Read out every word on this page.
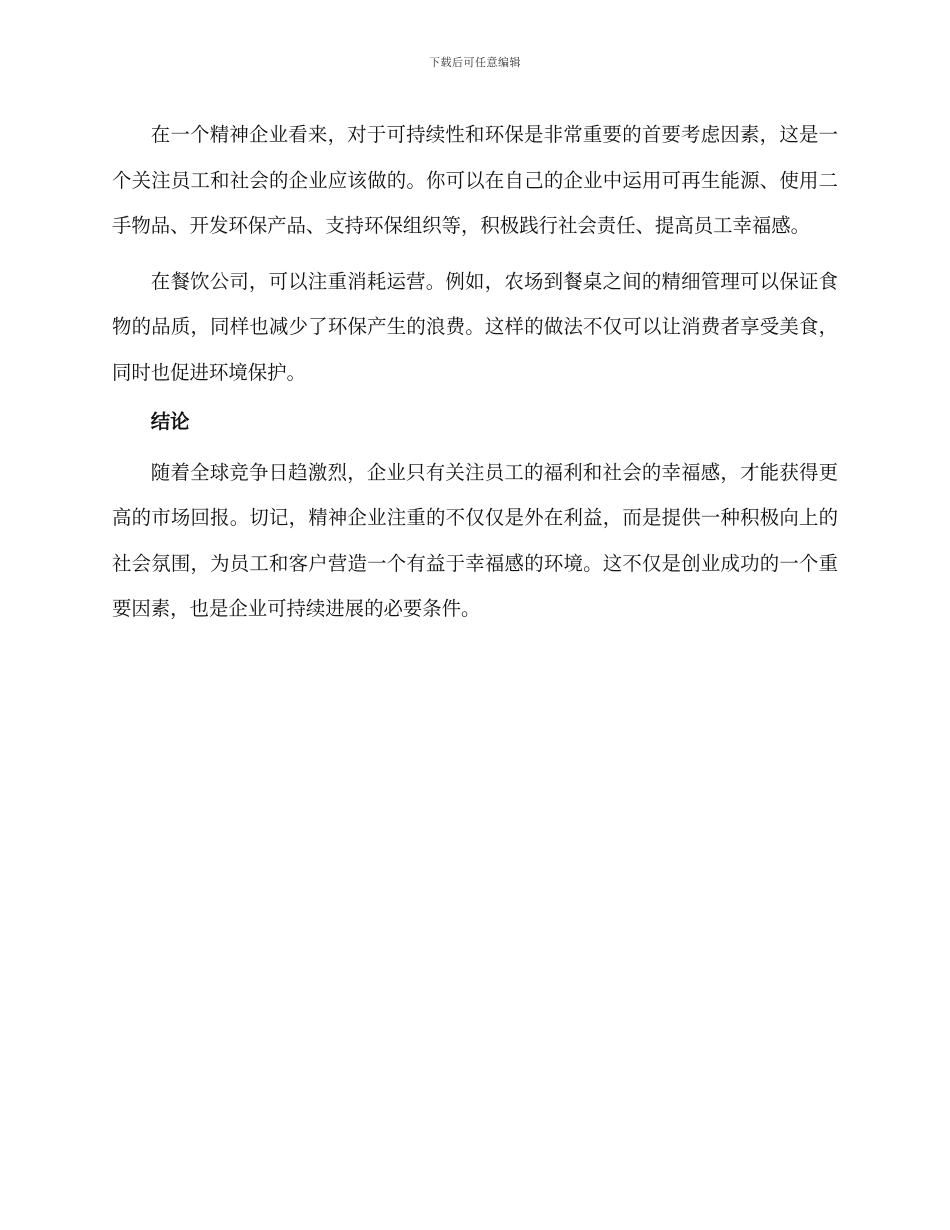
下载后可任意编辑

在一个精神企业看来，对于可持续性和环保是非常重要的首要考虑因素，这是一个关注员工和社会的企业应该做的。你可以在自己的企业中运用可再生能源、使用二手物品、开发环保产品、支持环保组织等，积极践行社会责任、提高员工幸福感。

在餐饮公司，可以注重消耗运营。例如，农场到餐桌之间的精细管理可以保证食物的品质，同样也减少了环保产生的浪费。这样的做法不仅可以让消费者享受美食，同时也促进环境保护。

结论

随着全球竞争日趋激烈，企业只有关注员工的福利和社会的幸福感，才能获得更高的市场回报。切记，精神企业注重的不仅仅是外在利益，而是提供一种积极向上的社会氛围，为员工和客户营造一个有益于幸福感的环境。这不仅是创业成功的一个重要因素，也是企业可持续进展的必要条件。
